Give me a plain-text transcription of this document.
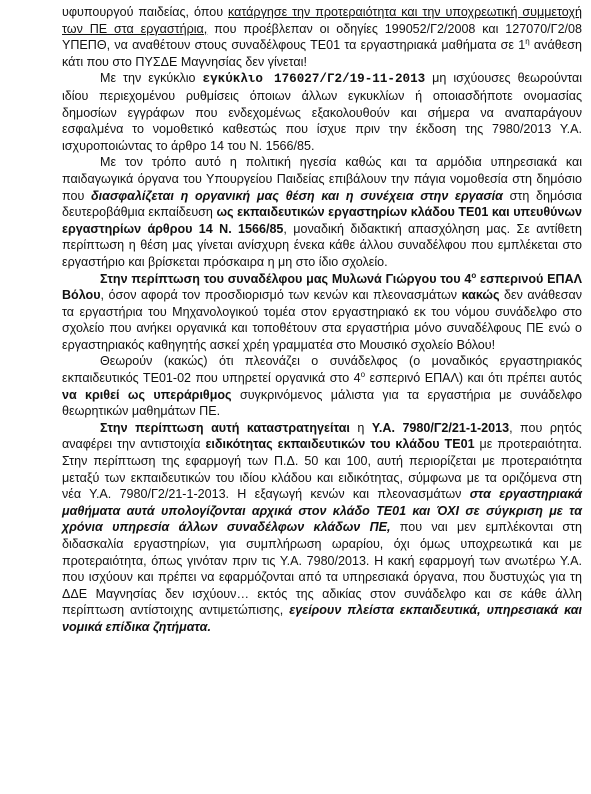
υφυπουργού παιδείας, όπου κατάργησε την προτεραιότητα και την υποχρεωτική συμμετοχή των ΠΕ στα εργαστήρια, που προέβλεπαν οι οδηγίες 199052/Γ2/2008 και 127070/Γ2/08 ΥΠΕΠΘ, να αναθέτουν στους συναδέλφους ΤΕ01 τα εργαστηριακά μαθήματα σε $1^\eta$ ανάθεση κάτι που στο ΠΥΣΔΕ Μαγνησίας δεν γίνεται!

Με την εγκύκλιο εγκύκλιο 176027/Γ2/19-11-2013 μη ισχύουσες θεωρούνται ιδίου περιεχομένου ρυθμίσεις όποιων άλλων εγκυκλίων ή οποιασδήποτε ονομασίας δημοσίων εγγράφων που ενδεχομένως εξακολουθούν και σήμερα να αναπαράγουν εσφαλμένα το νομοθετικό καθεστώς που ίσχυε πριν την έκδοση της 7980/2013 Υ.Α. ισχυροποιώντας το άρθρο 14 του Ν. 1566/85.

Με τον τρόπο αυτό η πολιτική ηγεσία καθώς και τα αρμόδια υπηρεσιακά και παιδαγωγικά όργανα του Υπουργείου Παιδείας επιβάλουν την πάγια νομοθεσία στη δημόσιο που διασφαλίζεται η οργανική μας θέση και η συνέχεια στην εργασία στη δημόσια δευτεροβάθμια εκπαίδευση ως εκπαιδευτικών εργαστηρίων κλάδου ΤΕ01 και υπευθύνων εργαστηρίων άρθρου 14 Ν. 1566/85, μοναδική διδακτική απασχόληση μας. Σε αντίθετη περίπτωση η θέση μας γίνεται ανίσχυρη ένεκα κάθε άλλου συναδέλφου που εμπλέκεται στο εργαστήριο και βρίσκεται πρόσκαιρα η μη στο ίδιο σχολείο.

Στην περίπτωση του συναδέλφου μας Μυλωνά Γιώργου του $4^o$ εσπερινού ΕΠΑΛ Βόλου, όσον αφορά τον προσδιορισμό των κενών και πλεονασμάτων κακώς δεν ανάθεσαν τα εργαστήρια του Μηχανολογικού τομέα στον εργαστηριακό εκ του νόμου συνάδελφο στο σχολείο που ανήκει οργανικά και τοποθέτουν στα εργαστήρια μόνο συναδέλφους ΠΕ ενώ ο εργαστηριακός καθηγητής ασκεί χρέη γραμματέα στο Μουσικό σχολείο Βόλου!

Θεωρούν (κακώς) ότι πλεονάζει ο συνάδελφος (ο μοναδικός εργαστηριακός εκπαιδευτικός ΤΕ01-02 που υπηρετεί οργανικά στο $4^o$ εσπερινό ΕΠΑΛ) και ότι πρέπει αυτός να κριθεί ως υπεράριθμος συγκρινόμενος μάλιστα για τα εργαστήρια με συνάδελφο θεωρητικών μαθημάτων ΠΕ.

Στην περίπτωση αυτή καταστρατηγείται η Υ.Α. 7980/Γ2/21-1-2013, που ρητός αναφέρει την αντιστοιχία ειδικότητας εκπαιδευτικών του κλάδου ΤΕ01 με προτεραιότητα. Στην περίπτωση της εφαρμογή των Π.Δ. 50 και 100, αυτή περιορίζεται με προτεραιότητα μεταξύ των εκπαιδευτικών του ιδίου κλάδου και ειδικότητας, σύμφωνα με τα οριζόμενα στη νέα Υ.Α. 7980/Γ2/21-1-2013. Η εξαγωγή κενών και πλεονασμάτων στα εργαστηριακά μαθήματα αυτά υπολογίζονται αρχικά στον κλάδο ΤΕ01 και ΌΧΙ σε σύγκριση με τα χρόνια υπηρεσία άλλων συναδέλφων κλάδων ΠΕ, που ναι μεν εμπλέκονται στη διδασκαλία εργαστηρίων, για συμπλήρωση ωραρίου, όχι όμως υποχρεωτικά και με προτεραιότητα, όπως γινόταν πριν τις Υ.Α. 7980/2013. Η κακή εφαρμογή των ανωτέρω Υ.Α. που ισχύουν και πρέπει να εφαρμόζονται από τα υπηρεσιακά όργανα, που δυστυχώς για τη ΔΔΕ Μαγνησίας δεν ισχύουν… εκτός της αδικίας στον συνάδελφο και σε κάθε άλλη περίπτωση αντίστοιχης αντιμετώπισης, εγείρουν πλείστα εκπαιδευτικά, υπηρεσιακά και νομικά επίδικα ζητήματα.
